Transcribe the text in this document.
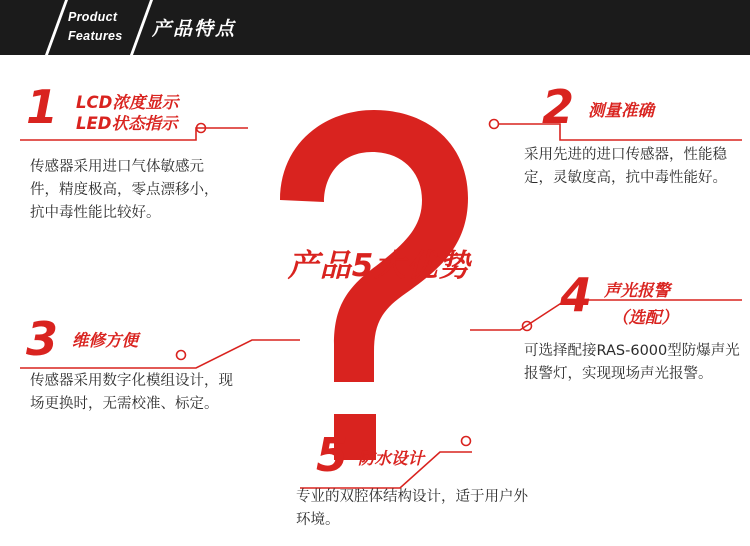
Product
Features	产品特点
产品5大优势
1 LCD浓度显示
LED状态指示
传感器采用进口气体敏感元件，精度极高，零点漂移小，抗中毒性能比较好。
2 测量准确
采用先进的进口传感器，性能稳定，灵敏度高，抗中毒性能好。
3 维修方便
传感器采用数字化模组设计，现场更换时，无需校准、标定。
4 声光报警
（选配）
可选择配接RAS-6000型防爆声光报警灯，实现现场声光报警。
5 防水设计
专业的双腔体结构设计，适于用户外环境。
